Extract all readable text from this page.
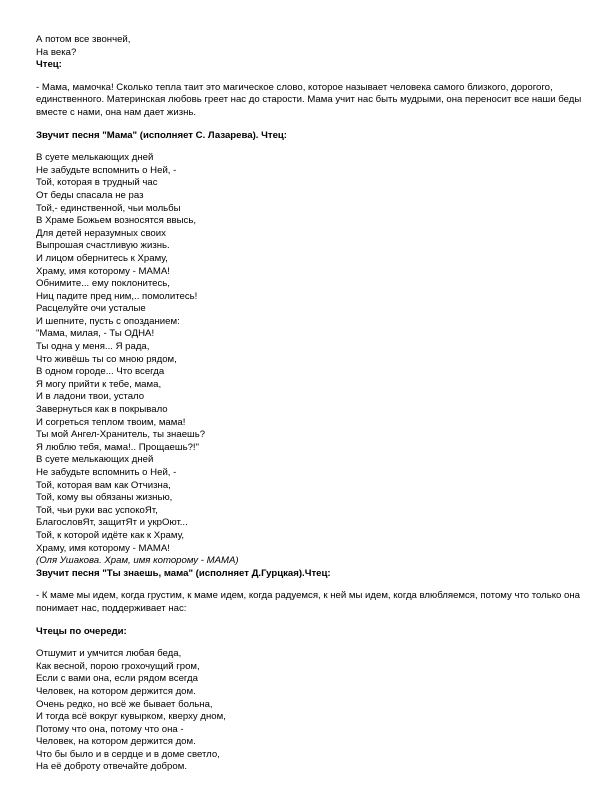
А потом все звончей,
На века?
Чтец:
- Мама, мамочка! Сколько тепла таит это магическое слово, которое называет человека самого близкого, дорогого, единственного. Материнская любовь греет нас до старости. Мама учит нас быть мудрыми, она переносит все наши беды вместе с нами, она нам дает жизнь.
Звучит песня "Мама" (исполняет С. Лазарева). Чтец:
В суете мелькающих дней
Не забудьте вспомнить о Ней, -
Той, которая в трудный час
От беды спасала не раз
Той,- единственной, чьи мольбы
В Храме Божьем возносятся ввысь,
Для детей неразумных своих
Выпрошая счастливую жизнь.
И лицом обернитесь к Храму,
Храму, имя которому - МАМА!
Обнимите... ему поклонитесь,
Ниц падите пред ним,.. помолитесь!
Расцелуйте очи усталые
И шепните, пусть с опозданием:
"Мама, милая, - Ты ОДНА!
Ты одна у меня... Я рада,
Что живёшь ты со мною рядом,
В одном городе... Что всегда
Я могу прийти к тебе, мама,
И в ладони твои, устало
Завернуться как в покрывало
И согреться теплом твоим, мама!
Ты мой Ангел-Хранитель, ты знаешь?
Я люблю тебя, мама!.. Прощаешь?!"
В суете мелькающих дней
Не забудьте вспомнить о Ней, -
Той, которая вам как Отчизна,
Той, кому вы обязаны жизнью,
Той, чьи руки вас успокоЯт,
БлагословЯт, защитЯт и укрОют...
Той, к которой идёте как к Храму,
Храму, имя которому - МАМА!
(Оля Ушакова. Храм, имя которому - МАМА)
Звучит песня "Ты знаешь, мама" (исполняет Д.Гурцкая).Чтец:
- К маме мы идем, когда грустим, к маме идем, когда радуемся, к ней мы идем, когда влюбляемся, потому что только она понимает нас, поддерживает нас:
Чтецы по очереди:
Отшумит и умчится любая беда,
Как весной, порою грохочущий гром,
Если с вами она, если рядом всегда
Человек, на котором держится дом.
Очень редко, но всё же бывает больна,
И тогда всё вокруг кувырком, кверху дном,
Потому что она, потому что она -
Человек, на котором держится дом.
Что бы было и в сердце и в доме светло,
На её доброту отвечайте добром.
